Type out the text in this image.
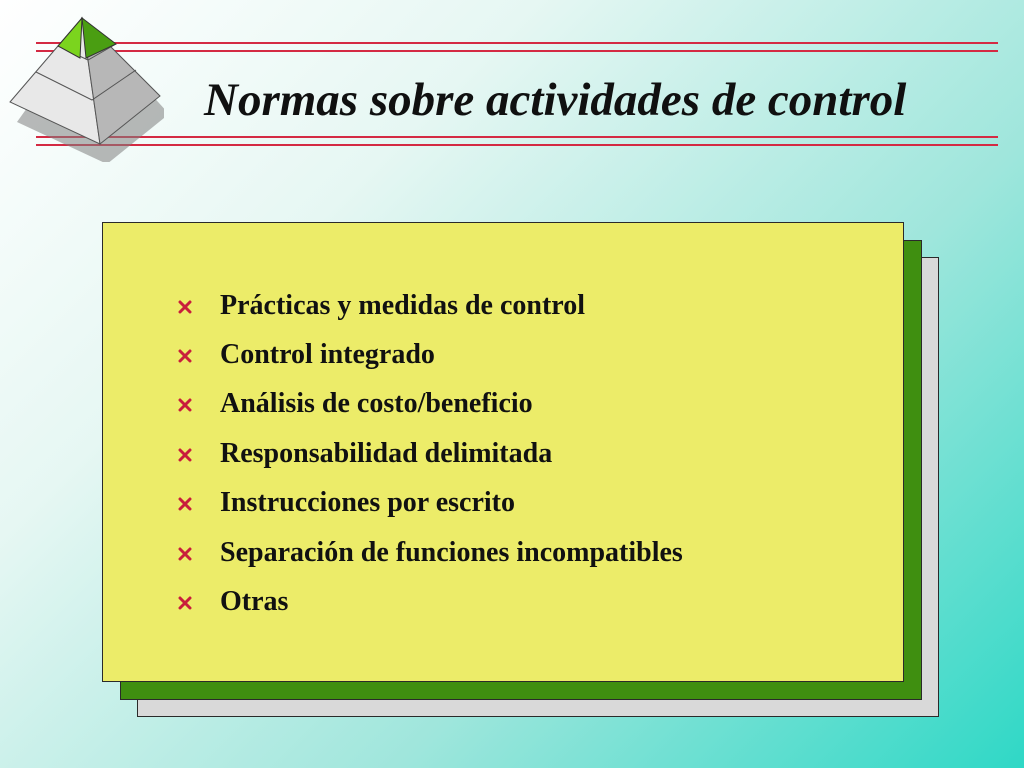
Normas sobre actividades de control
Prácticas y medidas de control
Control integrado
Análisis de costo/beneficio
Responsabilidad delimitada
Instrucciones por escrito
Separación de funciones incompatibles
Otras
